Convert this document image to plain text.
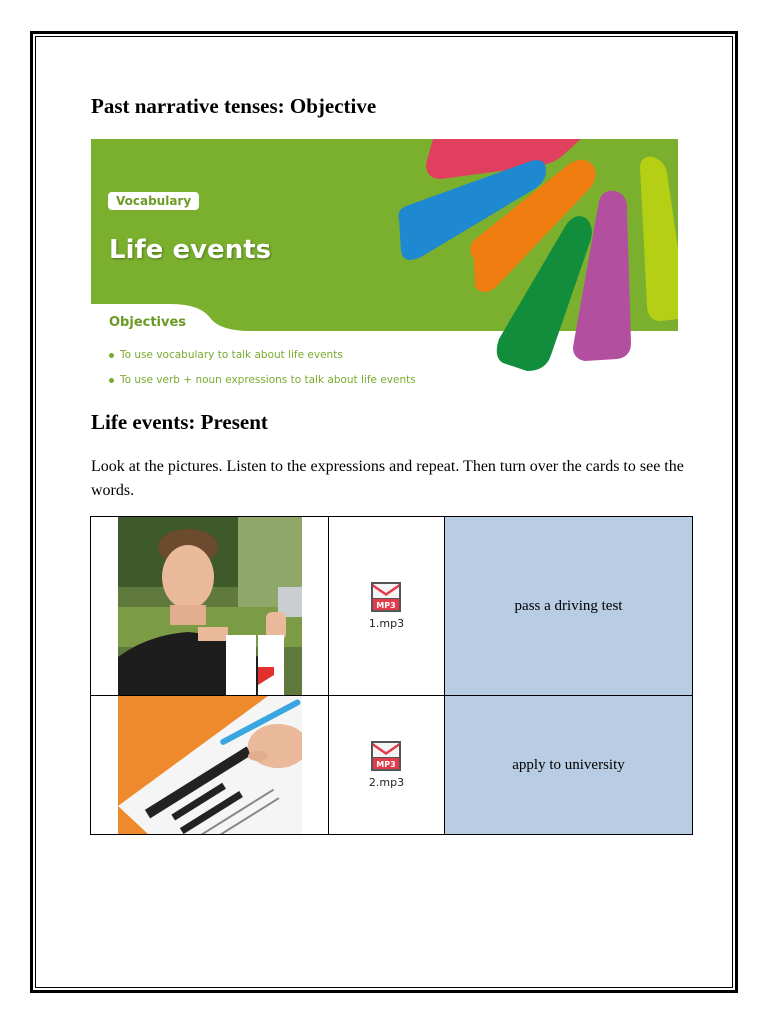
Past narrative tenses: Objective
Vocabulary
Life events
Objectives
To use vocabulary to talk about life events
To use verb + noun expressions to talk about life events
Life events: Present

Look at the pictures. Listen to the expressions and repeat. Then turn over the cards to see the words.

MP3
1.mp3	pass a driving test

MP3
2.mp3	apply to university
